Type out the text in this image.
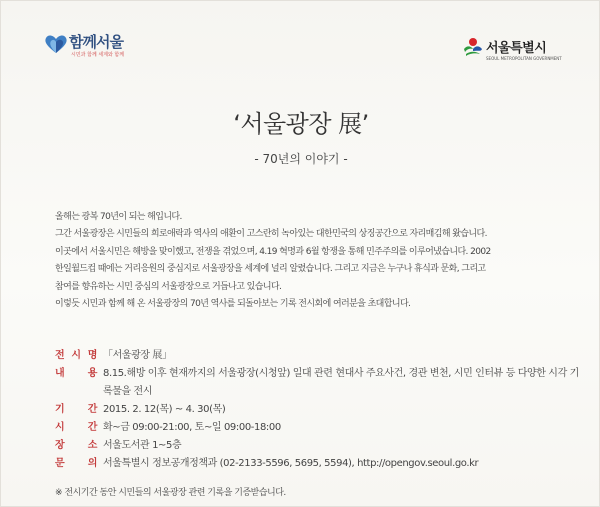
함께서울
시민과 함께 세계와 함께	서울특별시
SEOUL METROPOLITAN GOVERNMENT
‘서울광장 展’
- 70년의 이야기 -

올해는 광복 70년이 되는 해입니다.

그간 서울광장은 시민들의 희로애락과 역사의 애환이 고스란히 녹아있는 대한민국의 상징공간으로 자리매김해 왔습니다.

이곳에서 서울시민은 해방을 맞이했고, 전쟁을 겪었으며, 4.19 혁명과 6월 항쟁을 통해 민주주의를 이루어냈습니다. 2002

한일월드컵 때에는 거리응원의 중심지로 서울광장을 세계에 널리 알렸습니다. 그리고 지금은 누구나 휴식과 문화, 그리고

참여를 향유하는 시민 중심의 서울광장으로 거듭나고 있습니다.

이렇듯 시민과 함께 해 온 서울광장의 70년 역사를 되돌아보는 기록 전시회에 여러분을 초대합니다.

전 시 명 「서울광장 展」
내 용 8.15.해방 이후 현재까지의 서울광장(시청앞) 일대 관련 현대사 주요사건, 경관 변천, 시민 인터뷰 등 다양한 시각 기록물을 전시
기 간 2015. 2. 12(목) ~ 4. 30(목)
시 간 화~금 09:00-21:00, 토~일 09:00-18:00
장 소 서울도서관 1~5층
문 의 서울특별시 정보공개정책과 (02-2133-5596, 5695, 5594), http://opengov.seoul.go.kr
※ 전시기간 동안 시민들의 서울광장 관련 기록을 기증받습니다.
